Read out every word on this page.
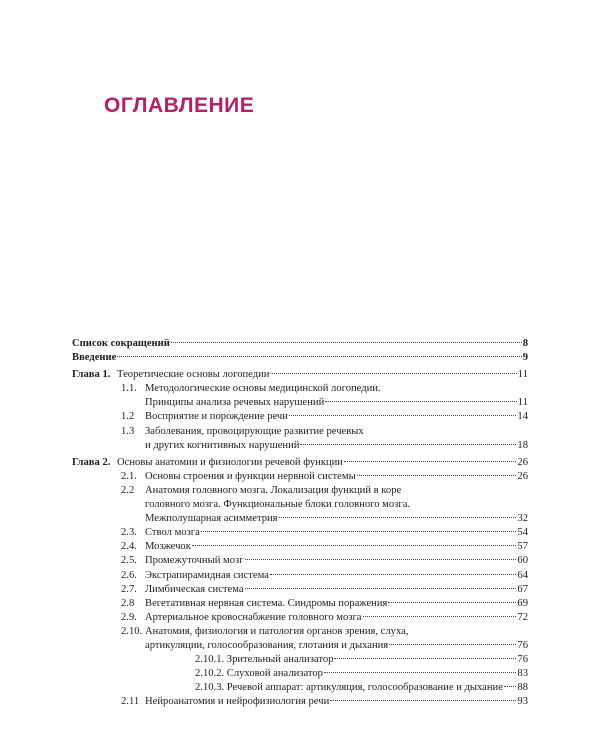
ОГЛАВЛЕНИЕ
Список сокращений	8
Введение	9
Глава 1. Теоретические основы логопедии	11
1.1. Методологические основы медицинской логопедии.
Принципы анализа речевых нарушений	11
1.2	Восприятие и порождение речи	14
1.3	Заболевания, провоцирующие развитие речевых
и других когнитивных нарушений	18
Глава 2. Основы анатомии и физиологии речевой функции	26
2.1. Основы строения и функции нервной системы	26
2.2	Анатомия головного мозга. Локализация функций в коре
головного мозга. Функциональные блоки головного мозга.
Межполушарная асимметрия	32
2.3. Ствол мозга	54
2.4. Мозжечок	57
2.5. Промежуточный мозг	60
2.6. Экстрапирамидная система	64
2.7. Лимбическая система	67
2.8	Вегетативная нервная система. Синдромы поражения	69
2.9. Артериальное кровоснабжение головного мозга	72
2.10. Анатомия, физиология и патология органов зрения, слуха,
артикуляции, голосообразования, глотания и дыхания	76
2.10.1. Зрительный анализатор	76
2.10.2. Слуховой анализатор	83
2.10.3. Речевой аппарат: артикуляция, голосообразование и дыхание 88
2.11 Нейроанатомия и нейрофизиология речи	93
